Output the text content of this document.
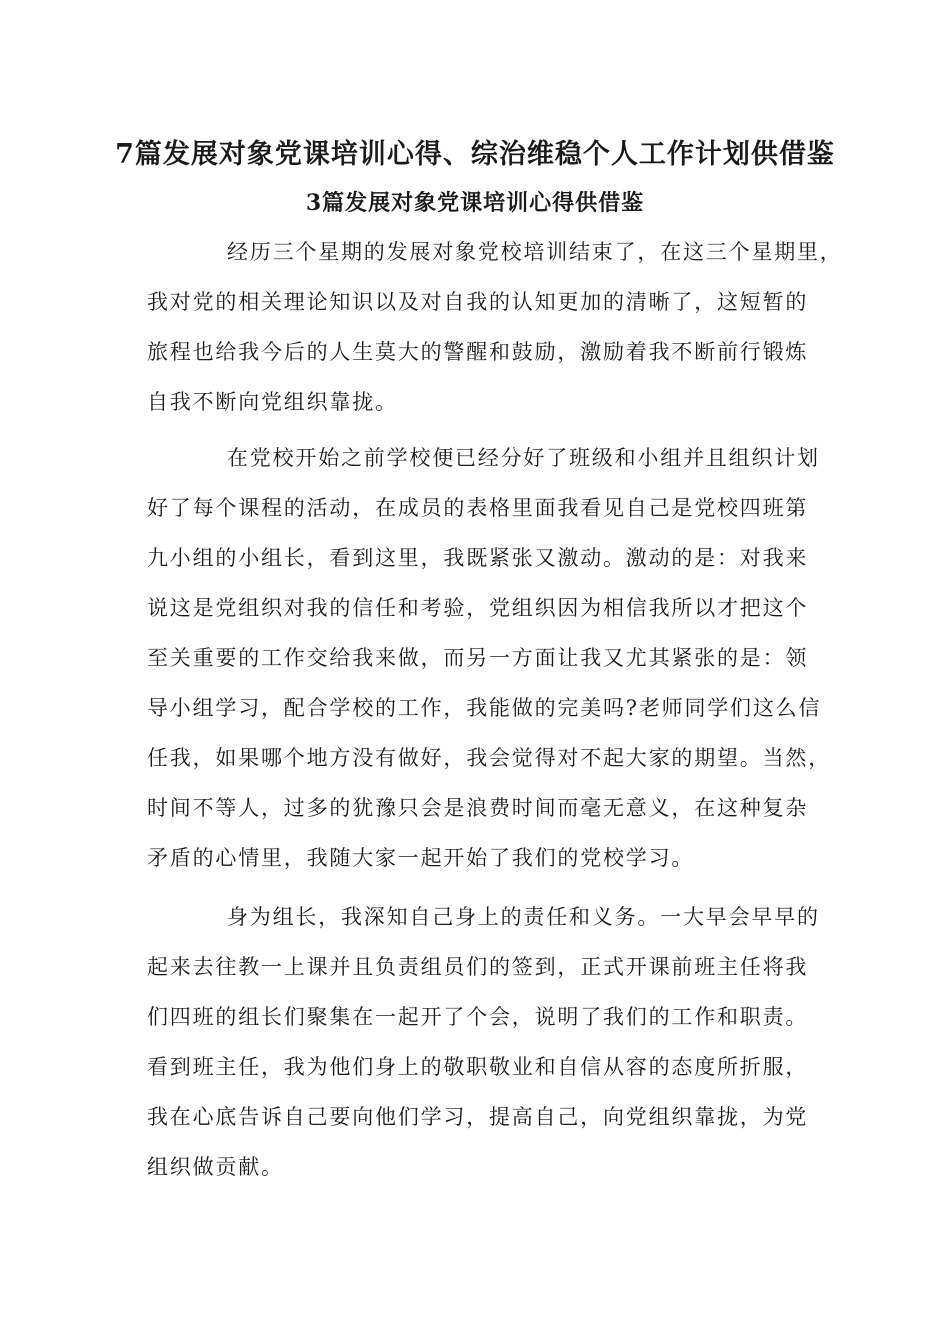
7篇发展对象党课培训心得、综治维稳个人工作计划供借鉴
3篇发展对象党课培训心得供借鉴
经历三个星期的发展对象党校培训结束了，在这三个星期里，
我对党的相关理论知识以及对自我的认知更加的清晰了，这短暂的
旅程也给我今后的人生莫大的警醒和鼓励，激励着我不断前行锻炼
自我不断向党组织靠拢。
在党校开始之前学校便已经分好了班级和小组并且组织计划
好了每个课程的活动，在成员的表格里面我看见自己是党校四班第
九小组的小组长，看到这里，我既紧张又激动。激动的是：对我来
说这是党组织对我的信任和考验，党组织因为相信我所以才把这个
至关重要的工作交给我来做，而另一方面让我又尤其紧张的是：领
导小组学习，配合学校的工作，我能做的完美吗?老师同学们这么信
任我，如果哪个地方没有做好，我会觉得对不起大家的期望。当然，
时间不等人，过多的犹豫只会是浪费时间而毫无意义，在这种复杂
矛盾的心情里，我随大家一起开始了我们的党校学习。
身为组长，我深知自己身上的责任和义务。一大早会早早的
起来去往教一上课并且负责组员们的签到，正式开课前班主任将我
们四班的组长们聚集在一起开了个会，说明了我们的工作和职责。
看到班主任，我为他们身上的敬职敬业和自信从容的态度所折服，
我在心底告诉自己要向他们学习，提高自己，向党组织靠拢，为党
组织做贡献。
